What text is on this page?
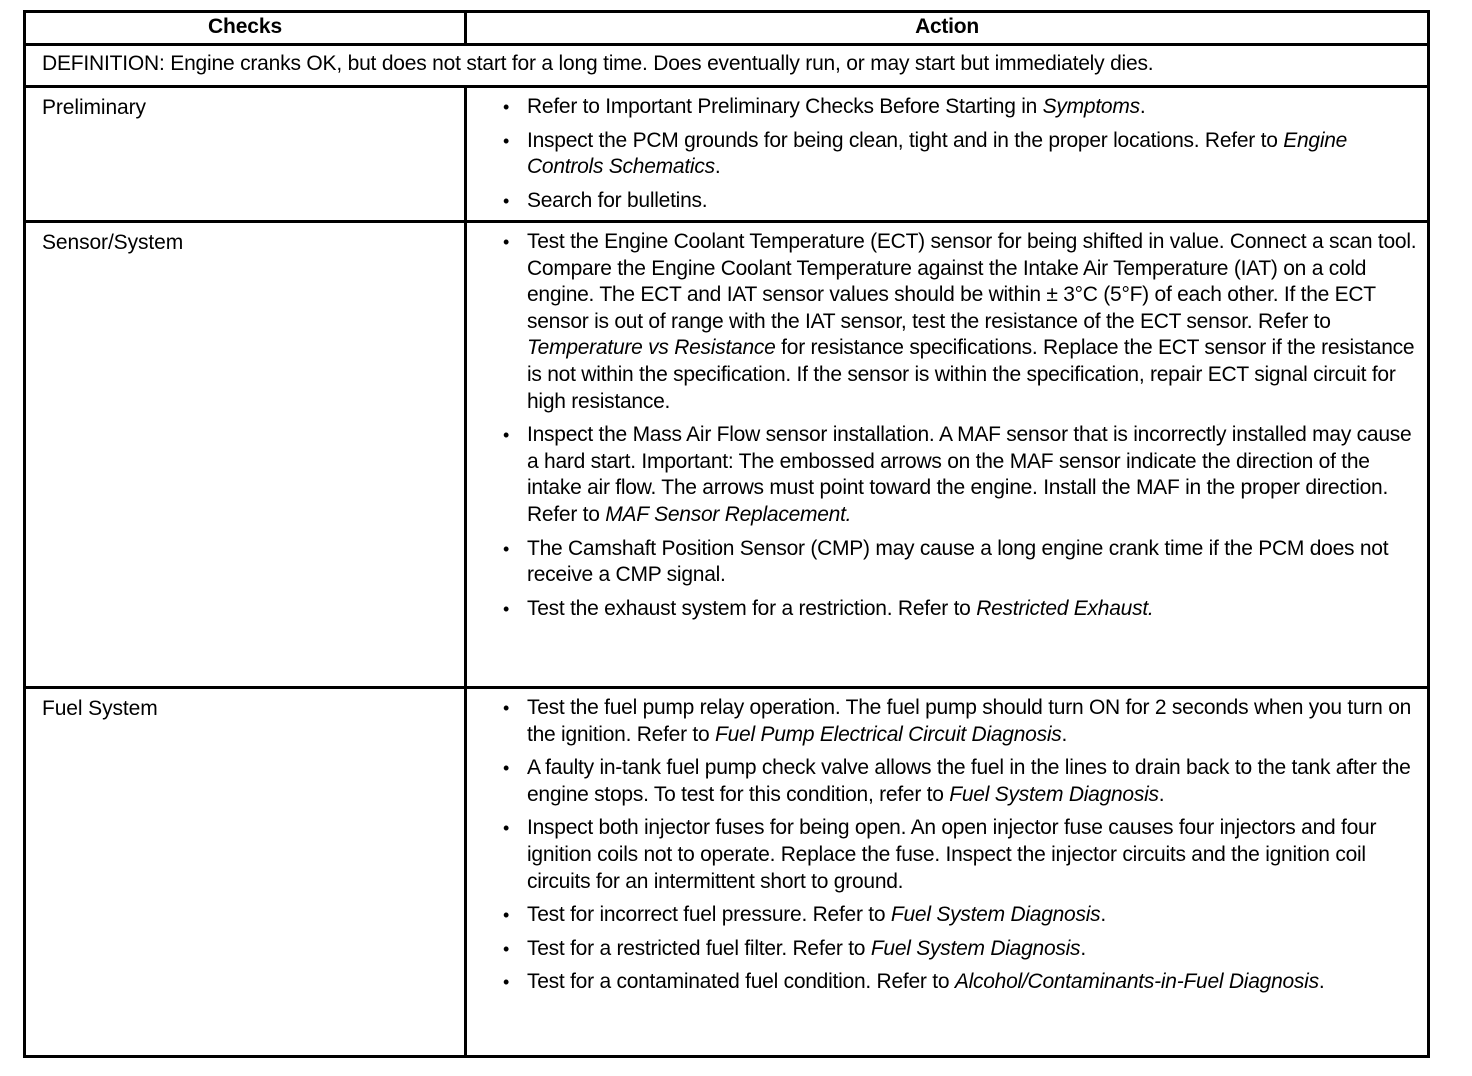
Checks	Action
DEFINITION: Engine cranks OK, but does not start for a long time. Does eventually run, or may start but immediately dies.
Preliminary	• Refer to Important Preliminary Checks Before Starting in Symptoms.
• Inspect the PCM grounds for being clean, tight and in the proper locations. Refer to Engine Controls Schematics.
• Search for bulletins.
Sensor/System	• Test the Engine Coolant Temperature (ECT) sensor for being shifted in value. Connect a scan tool. Compare the Engine Coolant Temperature against the Intake Air Temperature (IAT) on a cold engine. The ECT and IAT sensor values should be within ± 3°C (5°F) of each other. If the ECT sensor is out of range with the IAT sensor, test the resistance of the ECT sensor. Refer to Temperature vs Resistance for resistance specifications. Replace the ECT sensor if the resistance is not within the specification. If the sensor is within the specification, repair ECT signal circuit for high resistance.
• Inspect the Mass Air Flow sensor installation. A MAF sensor that is incorrectly installed may cause a hard start. Important: The embossed arrows on the MAF sensor indicate the direction of the intake air flow. The arrows must point toward the engine. Install the MAF in the proper direction. Refer to MAF Sensor Replacement.
• The Camshaft Position Sensor (CMP) may cause a long engine crank time if the PCM does not receive a CMP signal.
• Test the exhaust system for a restriction. Refer to Restricted Exhaust.
Fuel System	• Test the fuel pump relay operation. The fuel pump should turn ON for 2 seconds when you turn on the ignition. Refer to Fuel Pump Electrical Circuit Diagnosis.
• A faulty in-tank fuel pump check valve allows the fuel in the lines to drain back to the tank after the engine stops. To test for this condition, refer to Fuel System Diagnosis.
• Inspect both injector fuses for being open. An open injector fuse causes four injectors and four ignition coils not to operate. Replace the fuse. Inspect the injector circuits and the ignition coil circuits for an intermittent short to ground.
• Test for incorrect fuel pressure. Refer to Fuel System Diagnosis.
• Test for a restricted fuel filter. Refer to Fuel System Diagnosis.
• Test for a contaminated fuel condition. Refer to Alcohol/Contaminants-in-Fuel Diagnosis.
